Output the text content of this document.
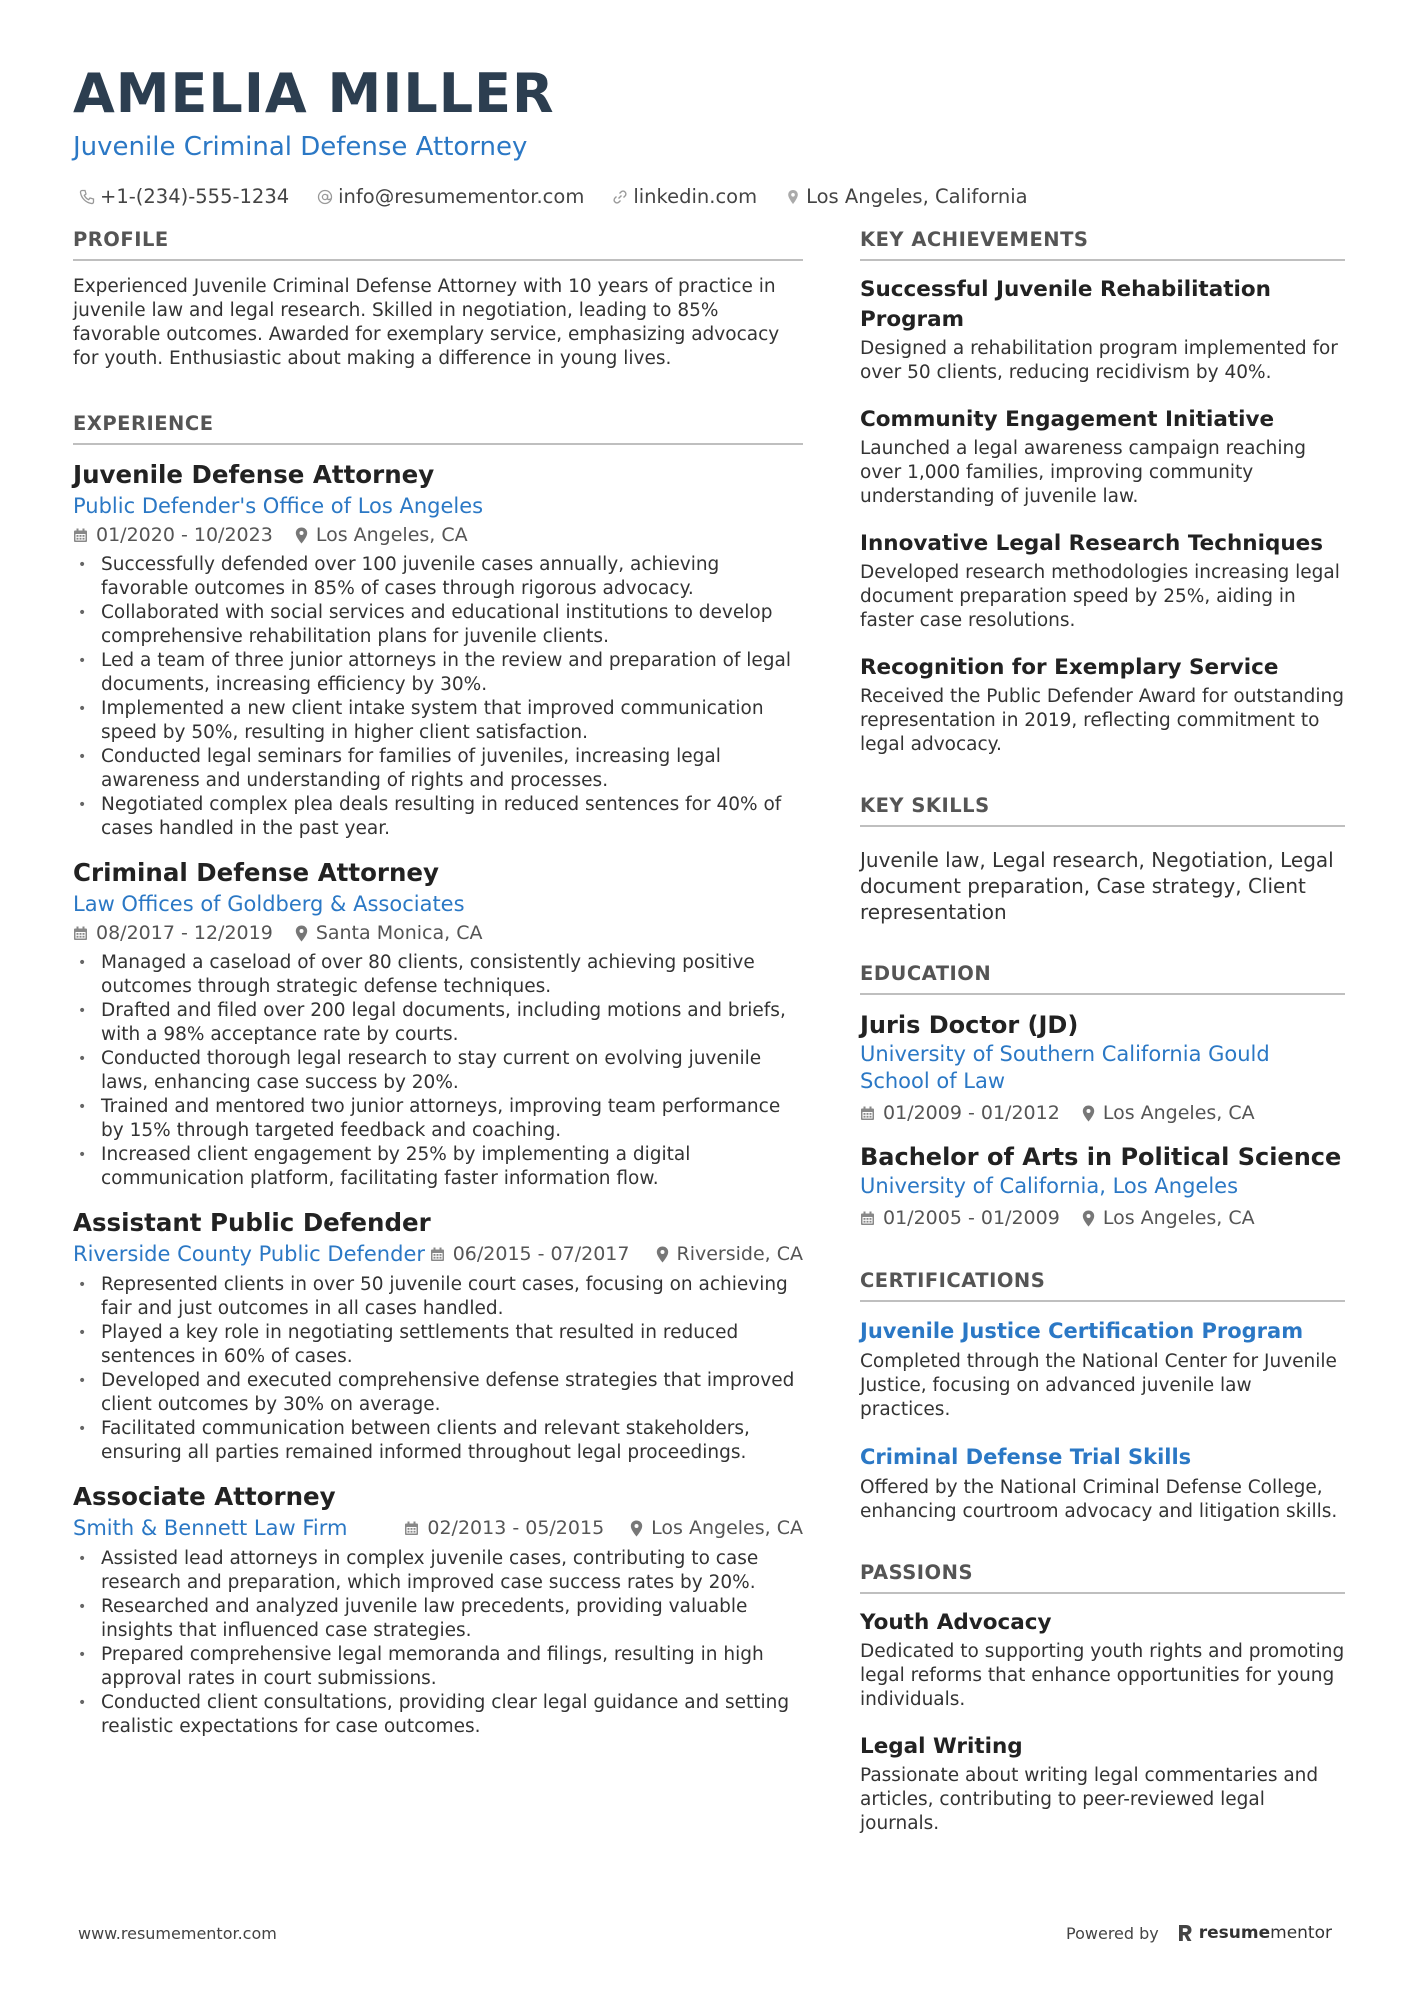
AMELIA MILLER
Juvenile Criminal Defense Attorney
+1-(234)-555-1234	info@resumementor.com	linkedin.com	Los Angeles, California
PROFILE

Experienced Juvenile Criminal Defense Attorney with 10 years of practice in juvenile law and legal research. Skilled in negotiation, leading to 85% favorable outcomes. Awarded for exemplary service, emphasizing advocacy for youth. Enthusiastic about making a difference in young lives.

EXPERIENCE
Juvenile Defense Attorney
Public Defender's Office of Los Angeles
01/2020 - 10/2023 Los Angeles, CA
• Successfully defended over 100 juvenile cases annually, achieving favorable outcomes in 85% of cases through rigorous advocacy.
• Collaborated with social services and educational institutions to develop comprehensive rehabilitation plans for juvenile clients.
• Led a team of three junior attorneys in the review and preparation of legal documents, increasing efficiency by 30%.
• Implemented a new client intake system that improved communication speed by 50%, resulting in higher client satisfaction.
• Conducted legal seminars for families of juveniles, increasing legal awareness and understanding of rights and processes.
• Negotiated complex plea deals resulting in reduced sentences for 40% of cases handled in the past year.
Criminal Defense Attorney
Law Offices of Goldberg & Associates
08/2017 - 12/2019 Santa Monica, CA
• Managed a caseload of over 80 clients, consistently achieving positive outcomes through strategic defense techniques.
• Drafted and filed over 200 legal documents, including motions and briefs, with a 98% acceptance rate by courts.
• Conducted thorough legal research to stay current on evolving juvenile laws, enhancing case success by 20%.
• Trained and mentored two junior attorneys, improving team performance by 15% through targeted feedback and coaching.
• Increased client engagement by 25% by implementing a digital communication platform, facilitating faster information flow.
Assistant Public Defender
Riverside County Public Defender 06/2015 - 07/2017 Riverside, CA
• Represented clients in over 50 juvenile court cases, focusing on achieving fair and just outcomes in all cases handled.
• Played a key role in negotiating settlements that resulted in reduced sentences in 60% of cases.
• Developed and executed comprehensive defense strategies that improved client outcomes by 30% on average.
• Facilitated communication between clients and relevant stakeholders, ensuring all parties remained informed throughout legal proceedings.
Associate Attorney
Smith & Bennett Law Firm	02/2013 - 05/2015 Los Angeles, CA
• Assisted lead attorneys in complex juvenile cases, contributing to case research and preparation, which improved case success rates by 20%.
• Researched and analyzed juvenile law precedents, providing valuable insights that influenced case strategies.
• Prepared comprehensive legal memoranda and filings, resulting in high approval rates in court submissions.
• Conducted client consultations, providing clear legal guidance and setting realistic expectations for case outcomes.
KEY ACHIEVEMENTS
Successful Juvenile Rehabilitation Program

Designed a rehabilitation program implemented for over 50 clients, reducing recidivism by 40%.

Community Engagement Initiative

Launched a legal awareness campaign reaching over 1,000 families, improving community understanding of juvenile law.

Innovative Legal Research Techniques

Developed research methodologies increasing legal document preparation speed by 25%, aiding in faster case resolutions.

Recognition for Exemplary Service

Received the Public Defender Award for outstanding representation in 2019, reflecting commitment to legal advocacy.

KEY SKILLS

Juvenile law, Legal research, Negotiation, Legal document preparation, Case strategy, Client representation

EDUCATION
Juris Doctor (JD)
University of Southern California Gould School of Law
01/2009 - 01/2012 Los Angeles, CA
Bachelor of Arts in Political Science
University of California, Los Angeles
01/2005 - 01/2009 Los Angeles, CA
CERTIFICATIONS
Juvenile Justice Certification Program

Completed through the National Center for Juvenile Justice, focusing on advanced juvenile law practices.

Criminal Defense Trial Skills

Offered by the National Criminal Defense College, enhancing courtroom advocacy and litigation skills.

PASSIONS
Youth Advocacy

Dedicated to supporting youth rights and promoting legal reforms that enhance opportunities for young individuals.

Legal Writing

Passionate about writing legal commentaries and articles, contributing to peer-reviewed legal journals.

www.resumementor.com	Powered by resumementor
